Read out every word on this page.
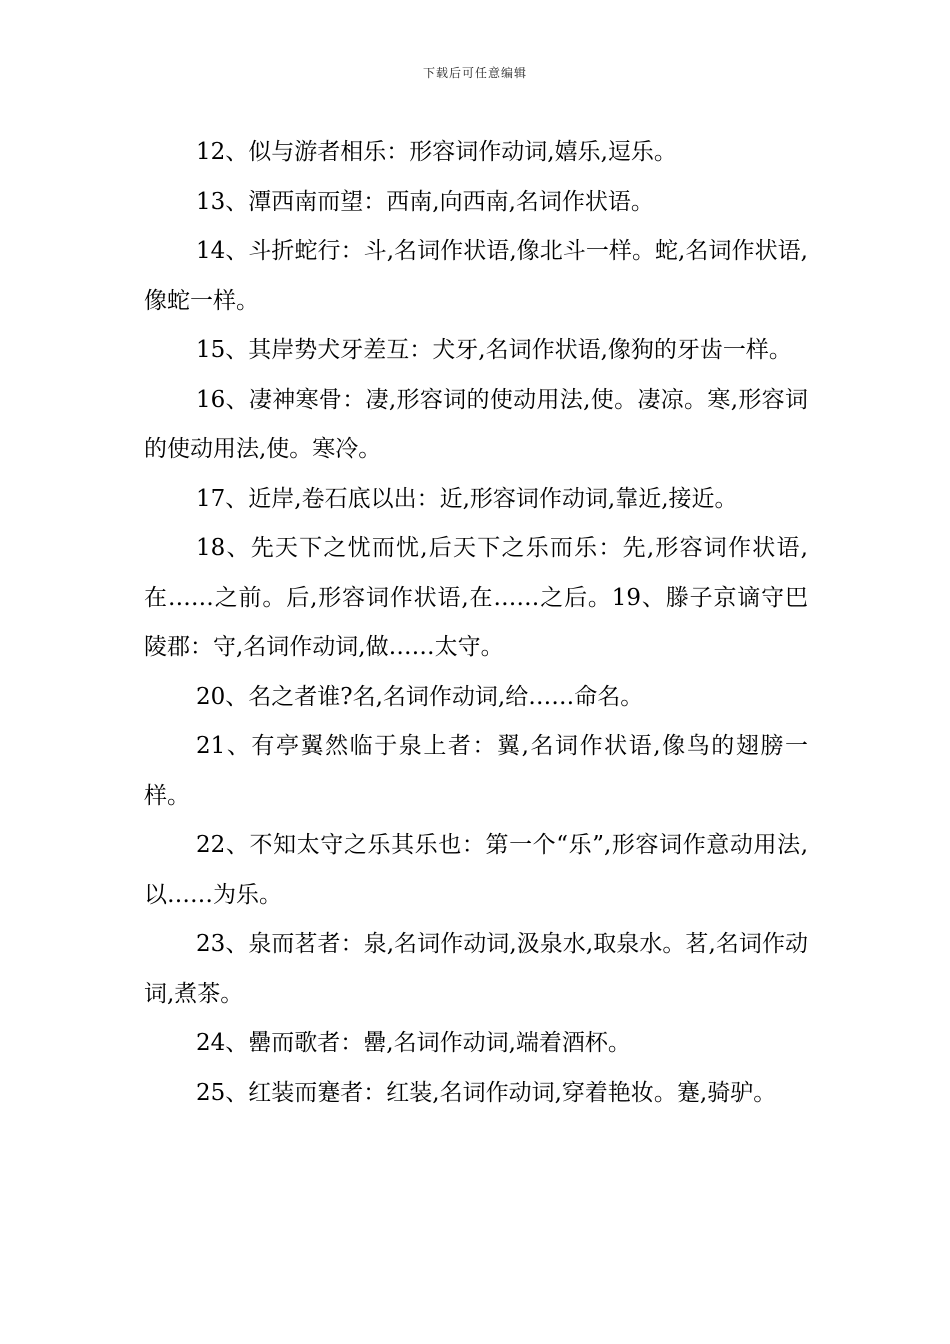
下载后可任意编辑

12、似与游者相乐：形容词作动词,嬉乐,逗乐。

13、潭西南而望：西南,向西南,名词作状语。

14、斗折蛇行：斗,名词作状语,像北斗一样。蛇,名词作状语,像蛇一样。

15、其岸势犬牙差互：犬牙,名词作状语,像狗的牙齿一样。

16、凄神寒骨：凄,形容词的使动用法,使。凄凉。寒,形容词的使动用法,使。寒冷。

17、近岸,卷石底以出：近,形容词作动词,靠近,接近。

18、先天下之忧而忧,后天下之乐而乐：先,形容词作状语,在……之前。后,形容词作状语,在……之后。19、滕子京谪守巴陵郡：守,名词作动词,做……太守。

20、名之者谁?名,名词作动词,给……命名。

21、有亭翼然临于泉上者：翼,名词作状语,像鸟的翅膀一样。

22、不知太守之乐其乐也：第一个“乐”,形容词作意动用法,以……为乐。

23、泉而茗者：泉,名词作动词,汲泉水,取泉水。茗,名词作动词,煮茶。

24、罍而歌者：罍,名词作动词,端着酒杯。

25、红装而蹇者：红装,名词作动词,穿着艳妆。蹇,骑驴。
